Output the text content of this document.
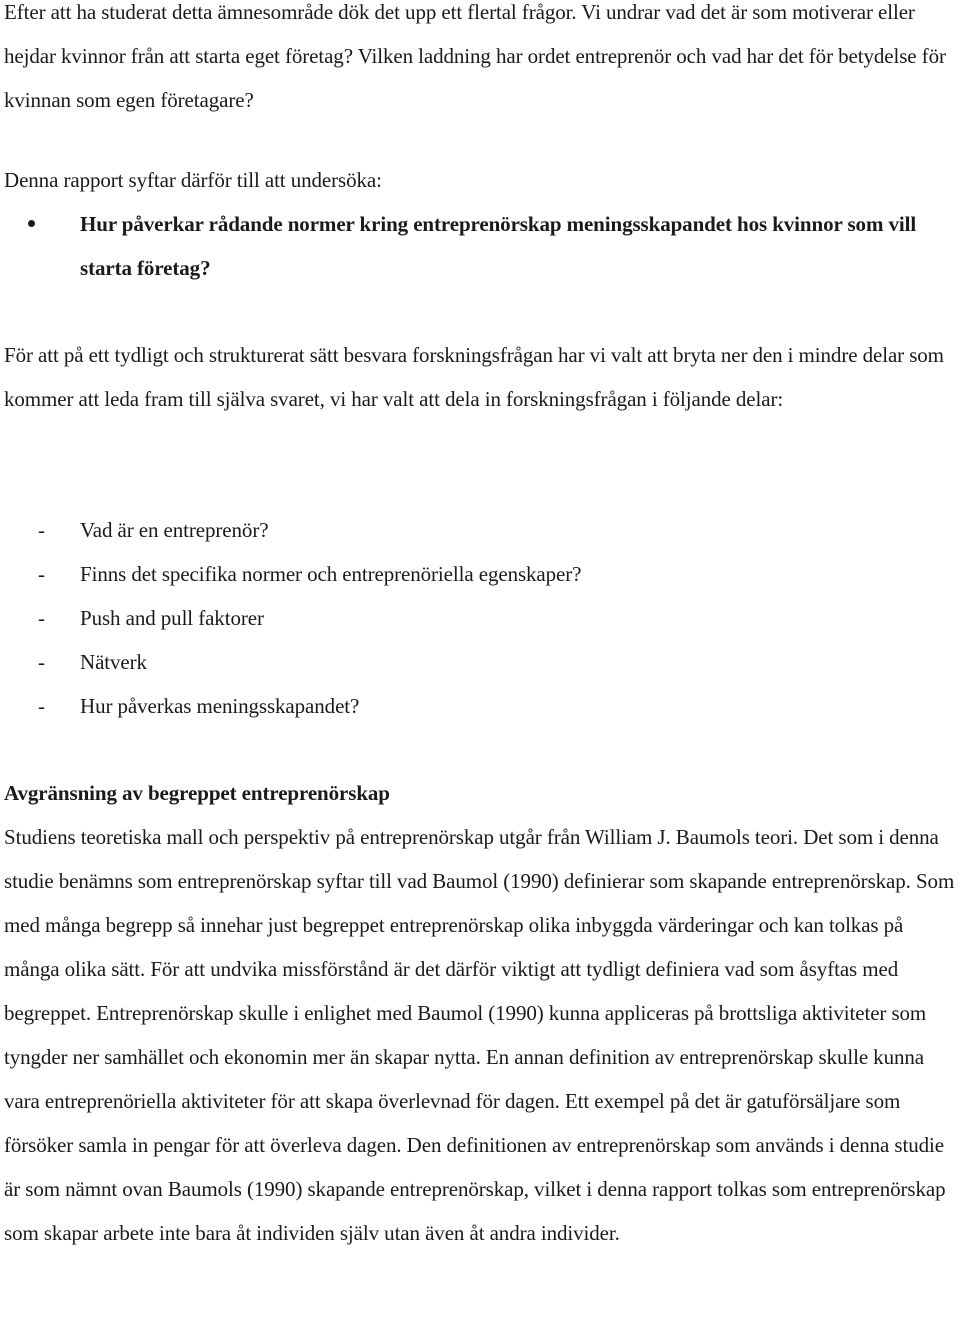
Efter att ha studerat detta ämnesområde dök det upp ett flertal frågor. Vi undrar vad det är som motiverar eller hejdar kvinnor från att starta eget företag? Vilken laddning har ordet entreprenör och vad har det för betydelse för kvinnan som egen företagare?

Denna rapport syftar därför till att undersöka:

Hur påverkar rådande normer kring entreprenörskap meningsskapandet hos kvinnor som vill starta företag?

För att på ett tydligt och strukturerat sätt besvara forskningsfrågan har vi valt att bryta ner den i mindre delar som kommer att leda fram till själva svaret, vi har valt att dela in forskningsfrågan i följande delar:

- Vad är en entreprenör?
- Finns det specifika normer och entreprenöriella egenskaper?
- Push and pull faktorer
- Nätverk
- Hur påverkas meningsskapandet?

Avgränsning av begreppet entreprenörskap

Studiens teoretiska mall och perspektiv på entreprenörskap utgår från William J. Baumols teori. Det som i denna studie benämns som entreprenörskap syftar till vad Baumol (1990) definierar som skapande entreprenörskap. Som med många begrepp så innehar just begreppet entreprenörskap olika inbyggda värderingar och kan tolkas på många olika sätt. För att undvika missförstånd är det därför viktigt att tydligt definiera vad som åsyftas med begreppet. Entreprenörskap skulle i enlighet med Baumol (1990) kunna appliceras på brottsliga aktiviteter som tyngder ner samhället och ekonomin mer än skapar nytta. En annan definition av entreprenörskap skulle kunna vara entreprenöriella aktiviteter för att skapa överlevnad för dagen. Ett exempel på det är gatuförsäljare som försöker samla in pengar för att överleva dagen. Den definitionen av entreprenörskap som används i denna studie är som nämnt ovan Baumols (1990) skapande entreprenörskap, vilket i denna rapport tolkas som entreprenörskap som skapar arbete inte bara åt individen själv utan även åt andra individer.
